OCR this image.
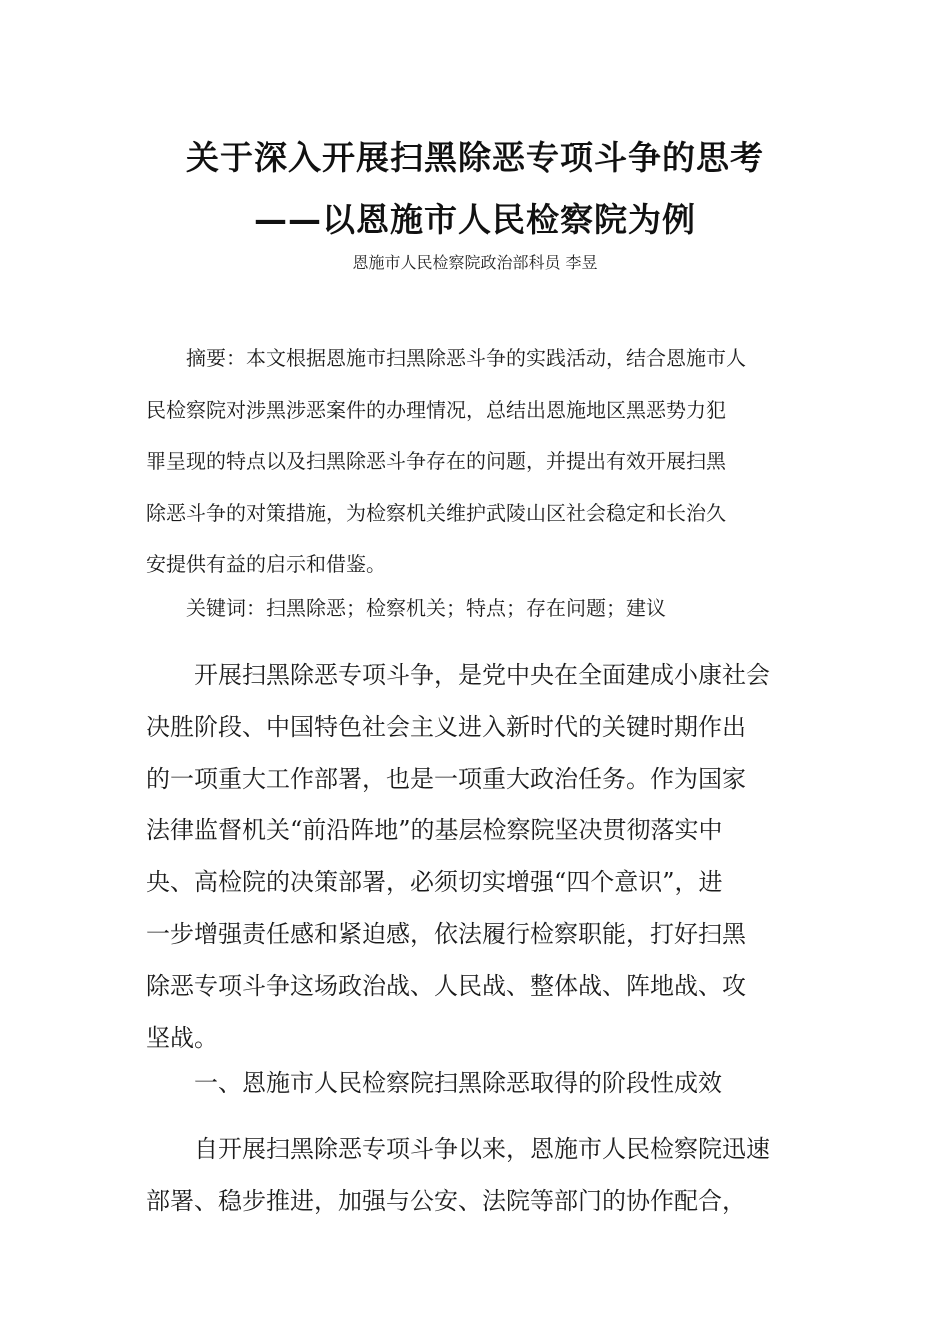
关于深入开展扫黑除恶专项斗争的思考
——以恩施市人民检察院为例
恩施市人民检察院政治部科员 李昱
　　摘要：本文根据恩施市扫黑除恶斗争的实践活动，结合恩施市人
民检察院对涉黑涉恶案件的办理情况，总结出恩施地区黑恶势力犯
罪呈现的特点以及扫黑除恶斗争存在的问题，并提出有效开展扫黑
除恶斗争的对策措施，为检察机关维护武陵山区社会稳定和长治久
安提供有益的启示和借鉴。
　　关键词：扫黑除恶；检察机关；特点；存在问题；建议
　　开展扫黑除恶专项斗争，是党中央在全面建成小康社会
决胜阶段、中国特色社会主义进入新时代的关键时期作出
的一项重大工作部署，也是一项重大政治任务。作为国家
法律监督机关“前沿阵地”的基层检察院坚决贯彻落实中
央、高检院的决策部署，必须切实增强“四个意识”，进
一步增强责任感和紧迫感，依法履行检察职能，打好扫黑
除恶专项斗争这场政治战、人民战、整体战、阵地战、攻
坚战。
　　一、恩施市人民检察院扫黑除恶取得的阶段性成效
　　自开展扫黑除恶专项斗争以来，恩施市人民检察院迅速
部署、稳步推进，加强与公安、法院等部门的协作配合，
